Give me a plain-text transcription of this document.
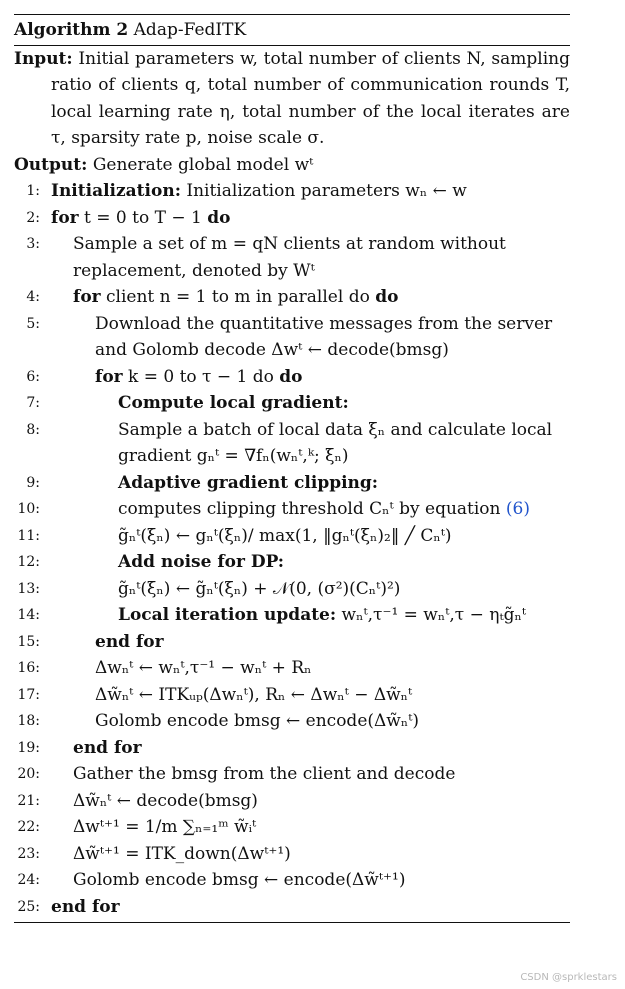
Algorithm 2 Adap-FedITK
Input: Initial parameters w, total number of clients N, sampling ratio of clients q, total number of communication rounds T, local learning rate η, total number of the local iterates are τ, sparsity rate p, noise scale σ.
Output: Generate global model wᵗ
1: Initialization: Initialization parameters wₙ ← w
2: for t = 0 to T − 1 do
3: Sample a set of m = qN clients at random without replacement, denoted by Wᵗ
4: for client n = 1 to m in parallel do do
5:	Download the quantitative messages from the server and Golomb decode Δwᵗ ← decode(bmsg)
6:	for k = 0 to τ − 1 do do
7:	Compute local gradient:
8:	Sample a batch of local data ξₙ and calculate local gradient gₙᵗ = ∇fₙ(wₙᵗ,ᵏ; ξₙ)
9:	Adaptive gradient clipping:
10:	computes clipping threshold Cₙᵗ by equation (6)
11:	g̃ₙᵗ(ξₙ) ← gₙᵗ(ξₙ)/ max(1, ‖gₙᵗ(ξₙ)₂‖ ╱ Cₙᵗ)
12:	Add noise for DP:
13:	g̃ₙᵗ(ξₙ) ← g̃ₙᵗ(ξₙ) + 𝒩(0, (σ²)(Cₙᵗ)²)
14:	Local iteration update: wₙᵗ,τ⁻¹ = wₙᵗ,τ − ηₜg̃ₙᵗ
15:	end for
16:	Δwₙᵗ ← wₙᵗ,τ⁻¹ − wₙᵗ + Rₙ
17:	Δw̃ₙᵗ ← ITKᵤₚ(Δwₙᵗ), Rₙ ← Δwₙᵗ − Δw̃ₙᵗ
18:	Golomb encode bmsg ← encode(Δw̃ₙᵗ)
19: end for
20: Gather the bmsg from the client and decode
21: Δw̃ₙᵗ ← decode(bmsg)
22: Δwᵗ⁺¹ = 1/m ∑ₙ₌₁ᵐ w̃ᵢᵗ
23: Δw̃ᵗ⁺¹ = ITK_down(Δwᵗ⁺¹)
24: Golomb encode bmsg ← encode(Δw̃ᵗ⁺¹)
25: end for
CSDN @sprklestars
